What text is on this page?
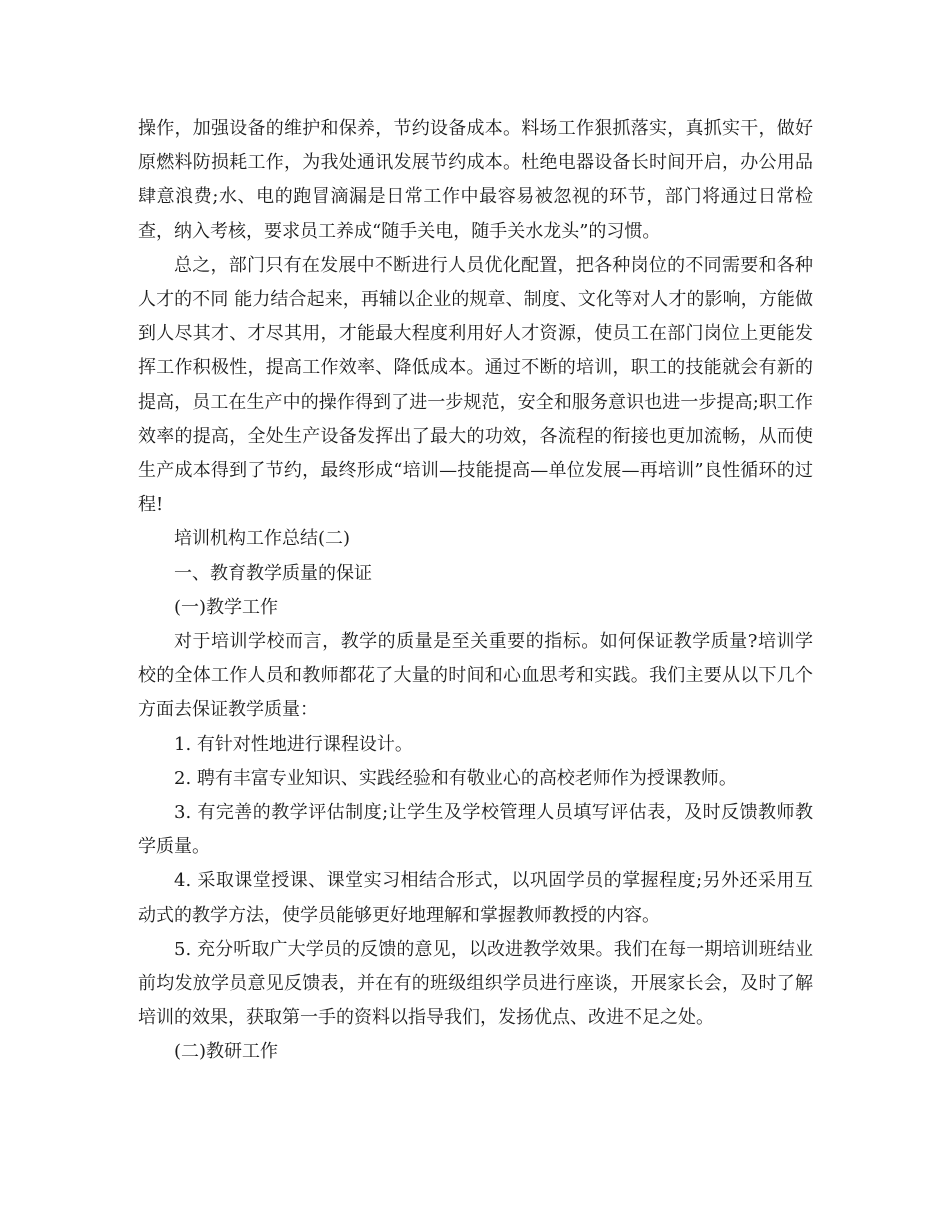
操作，加强设备的维护和保养，节约设备成本。料场工作狠抓落实，真抓实干，做好原燃料防损耗工作，为我处通讯发展节约成本。杜绝电器设备长时间开启，办公用品肆意浪费;水、电的跑冒滴漏是日常工作中最容易被忽视的环节，部门将通过日常检查，纳入考核，要求员工养成“随手关电，随手关水龙头”的习惯。

总之，部门只有在发展中不断进行人员优化配置，把各种岗位的不同需要和各种人才的不同 能力结合起来，再辅以企业的规章、制度、文化等对人才的影响，方能做到人尽其才、才尽其用，才能最大程度利用好人才资源，使员工在部门岗位上更能发挥工作积极性，提高工作效率、降低成本。通过不断的培训，职工的技能就会有新的提高，员工在生产中的操作得到了进一步规范，安全和服务意识也进一步提高;职工作效率的提高，全处生产设备发挥出了最大的功效，各流程的衔接也更加流畅，从而使生产成本得到了节约，最终形成“培训—技能提高—单位发展—再培训”良性循环的过程!

培训机构工作总结(二)

一、教育教学质量的保证

(一)教学工作

对于培训学校而言，教学的质量是至关重要的指标。如何保证教学质量?培训学校的全体工作人员和教师都花了大量的时间和心血思考和实践。我们主要从以下几个方面去保证教学质量：

1. 有针对性地进行课程设计。

2. 聘有丰富专业知识、实践经验和有敬业心的高校老师作为授课教师。

3. 有完善的教学评估制度;让学生及学校管理人员填写评估表，及时反馈教师教学质量。

4. 采取课堂授课、课堂实习相结合形式，以巩固学员的掌握程度;另外还采用互动式的教学方法，使学员能够更好地理解和掌握教师教授的内容。

5. 充分听取广大学员的反馈的意见，以改进教学效果。我们在每一期培训班结业前均发放学员意见反馈表，并在有的班级组织学员进行座谈，开展家长会，及时了解培训的效果，获取第一手的资料以指导我们，发扬优点、改进不足之处。

(二)教研工作
